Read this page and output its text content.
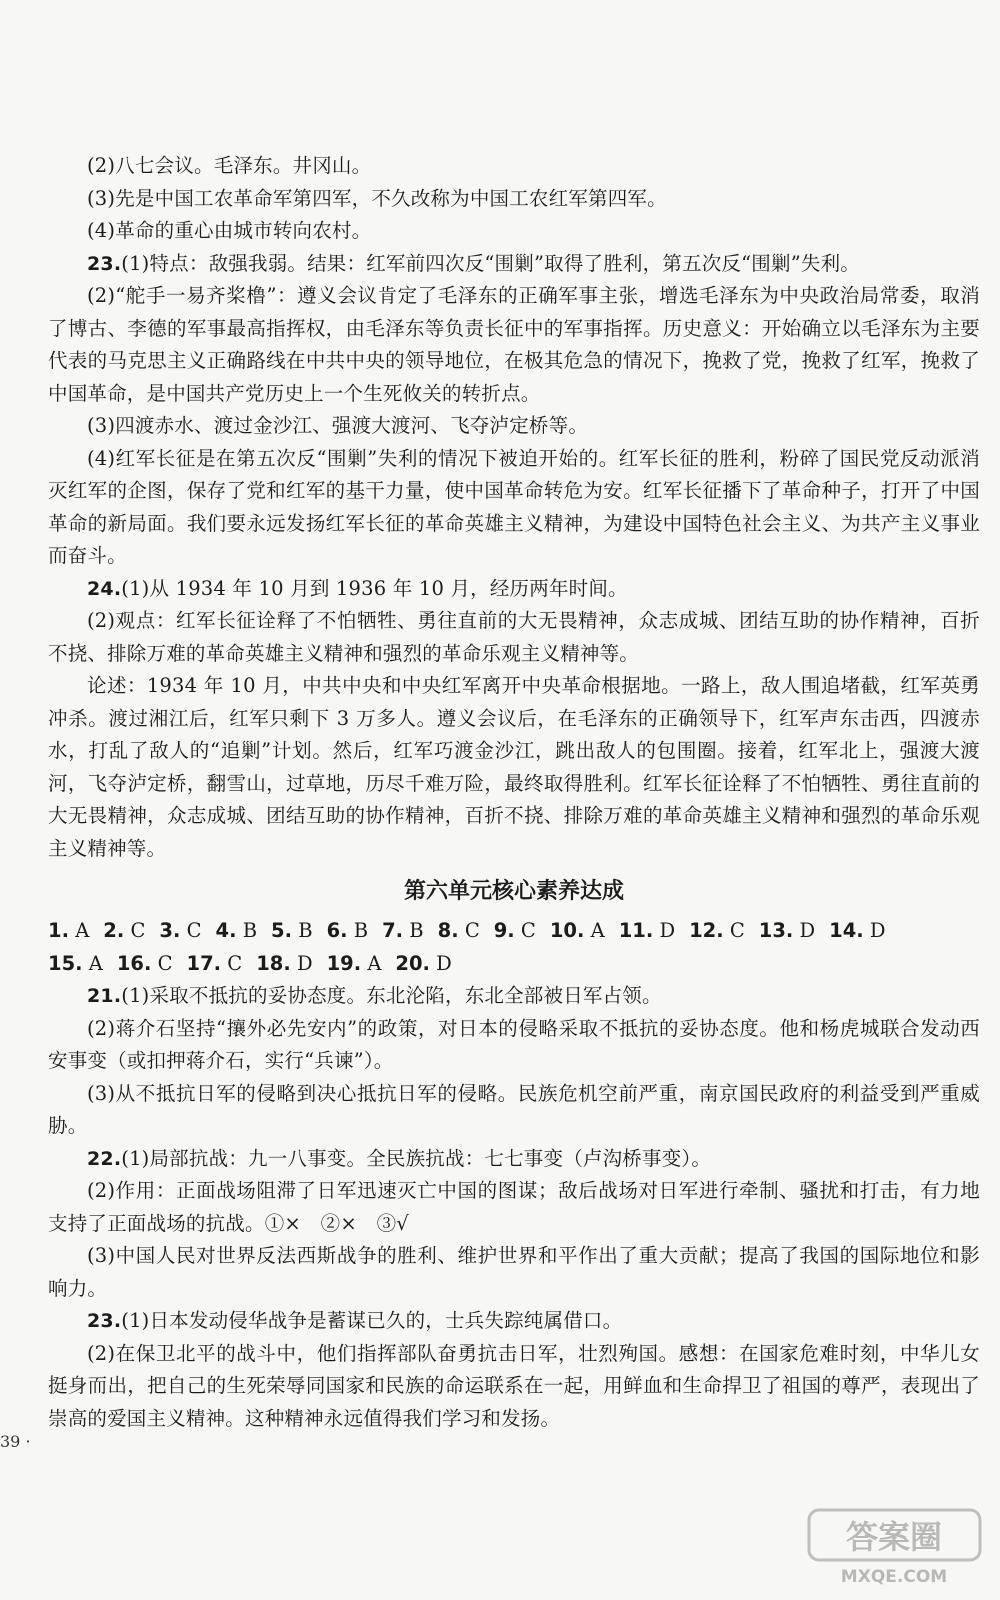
(2)八七会议。毛泽东。井冈山。

(3)先是中国工农革命军第四军，不久改称为中国工农红军第四军。

(4)革命的重心由城市转向农村。

23.(1)特点：敌强我弱。结果：红军前四次反“围剿”取得了胜利，第五次反“围剿”失利。

(2)“舵手一易齐桨橹”：遵义会议肯定了毛泽东的正确军事主张，增选毛泽东为中央政治局常委，取消了博古、李德的军事最高指挥权，由毛泽东等负责长征中的军事指挥。历史意义：开始确立以毛泽东为主要代表的马克思主义正确路线在中共中央的领导地位，在极其危急的情况下，挽救了党，挽救了红军，挽救了中国革命，是中国共产党历史上一个生死攸关的转折点。

(3)四渡赤水、渡过金沙江、强渡大渡河、飞夺泸定桥等。

(4)红军长征是在第五次反“围剿”失利的情况下被迫开始的。红军长征的胜利，粉碎了国民党反动派消灭红军的企图，保存了党和红军的基干力量，使中国革命转危为安。红军长征播下了革命种子，打开了中国革命的新局面。我们要永远发扬红军长征的革命英雄主义精神，为建设中国特色社会主义、为共产主义事业而奋斗。

24.(1)从 1934 年 10 月到 1936 年 10 月，经历两年时间。

(2)观点：红军长征诠释了不怕牺牲、勇往直前的大无畏精神，众志成城、团结互助的协作精神，百折不挠、排除万难的革命英雄主义精神和强烈的革命乐观主义精神等。

论述：1934 年 10 月，中共中央和中央红军离开中央革命根据地。一路上，敌人围追堵截，红军英勇冲杀。渡过湘江后，红军只剩下 3 万多人。遵义会议后，在毛泽东的正确领导下，红军声东击西，四渡赤水，打乱了敌人的“追剿”计划。然后，红军巧渡金沙江，跳出敌人的包围圈。接着，红军北上，强渡大渡河，飞夺泸定桥，翻雪山，过草地，历尽千难万险，最终取得胜利。红军长征诠释了不怕牺牲、勇往直前的大无畏精神，众志成城、团结互助的协作精神，百折不挠、排除万难的革命英雄主义精神和强烈的革命乐观主义精神等。

第六单元核心素养达成
1. A 2. C 3. C 4. B 5. B 6. B 7. B 8. C 9. C 10. A 11. D 12. C 13. D 14. D
15. A 16. C 17. C 18. D 19. A 20. D

21.(1)采取不抵抗的妥协态度。东北沦陷，东北全部被日军占领。

(2)蒋介石坚持“攘外必先安内”的政策，对日本的侵略采取不抵抗的妥协态度。他和杨虎城联合发动西安事变（或扣押蒋介石，实行“兵谏”）。

(3)从不抵抗日军的侵略到决心抵抗日军的侵略。民族危机空前严重，南京国民政府的利益受到严重威胁。

22.(1)局部抗战：九一八事变。全民族抗战：七七事变（卢沟桥事变）。

(2)作用：正面战场阻滞了日军迅速灭亡中国的图谋；敌后战场对日军进行牵制、骚扰和打击，有力地支持了正面战场的抗战。①×　②×　③√

(3)中国人民对世界反法西斯战争的胜利、维护世界和平作出了重大贡献；提高了我国的国际地位和影响力。

23.(1)日本发动侵华战争是蓄谋已久的，士兵失踪纯属借口。

(2)在保卫北平的战斗中，他们指挥部队奋勇抗击日军，壮烈殉国。感想：在国家危难时刻，中华儿女挺身而出，把自己的生死荣辱同国家和民族的命运联系在一起，用鲜血和生命捍卫了祖国的尊严，表现出了崇高的爱国主义精神。这种精神永远值得我们学习和发扬。

39 ·
答案圈
MXQE.COM
